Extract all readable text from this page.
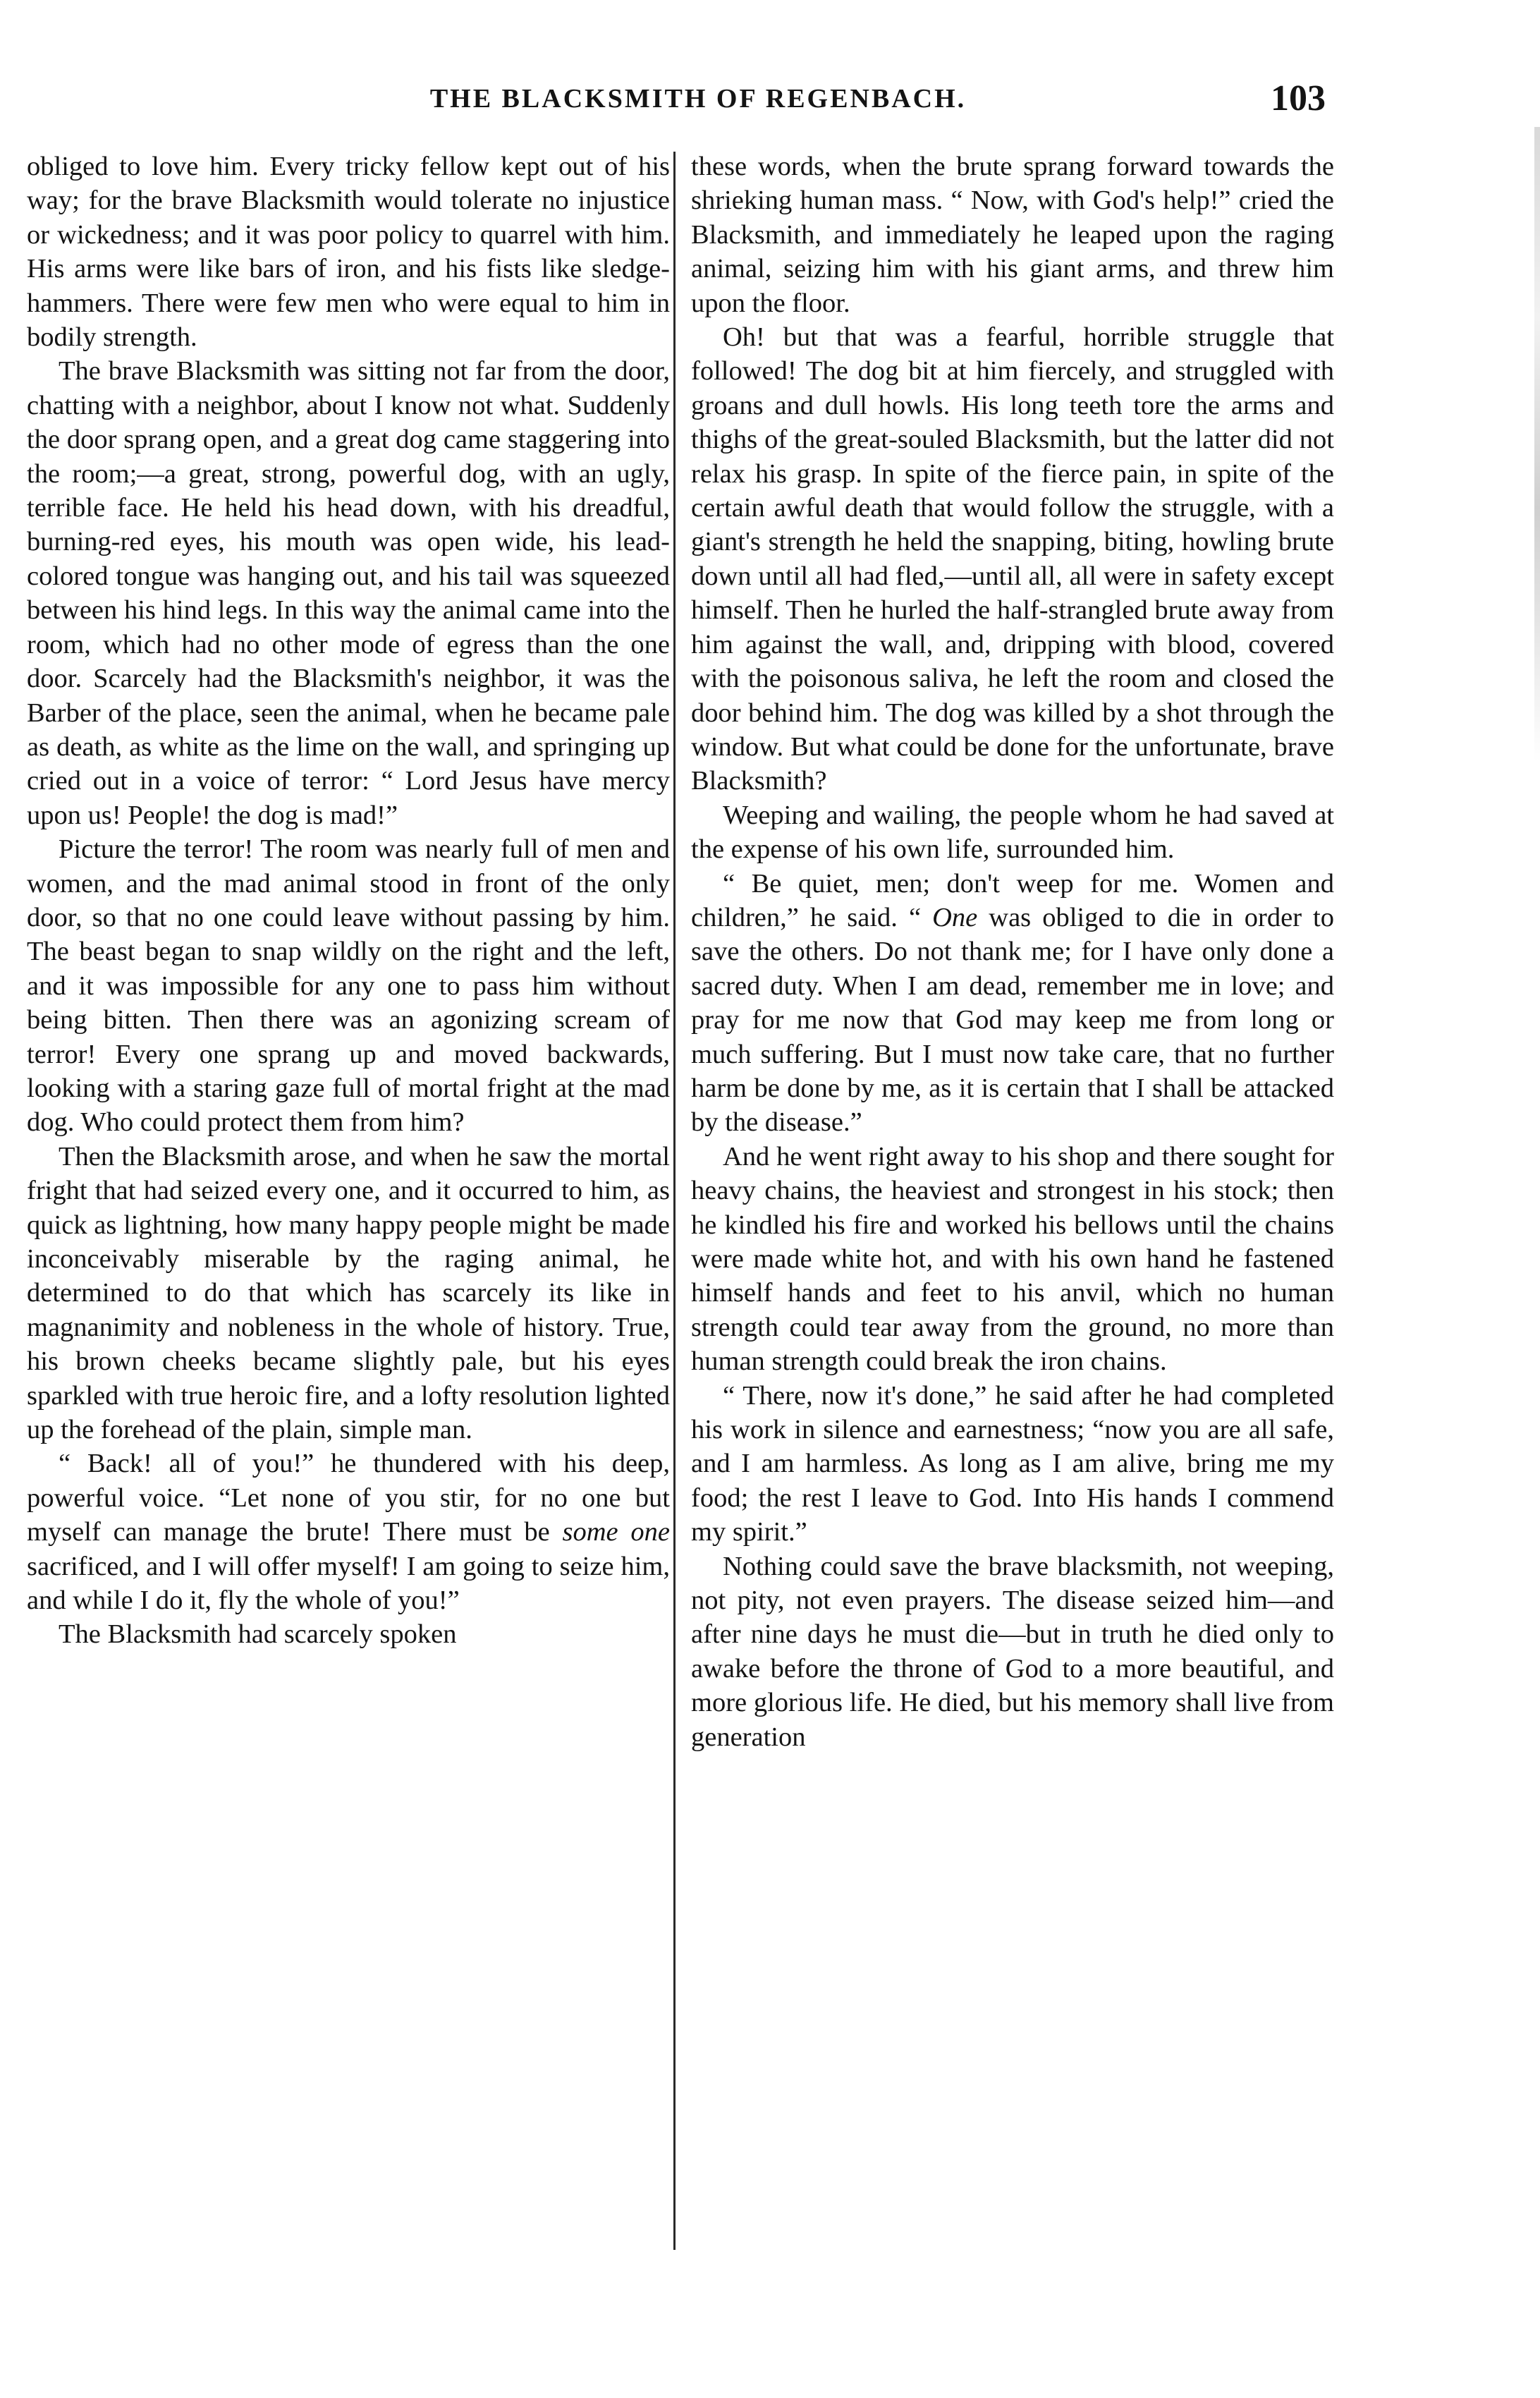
THE BLACKSMITH OF REGENBACH.	103

obliged to love him. Every tricky fellow kept out of his way; for the brave Blacksmith would tolerate no injustice or wickedness; and it was poor policy to quarrel with him. His arms were like bars of iron, and his fists like sledge-hammers. There were few men who were equal to him in bodily strength.

The brave Blacksmith was sitting not far from the door, chatting with a neighbor, about I know not what. Suddenly the door sprang open, and a great dog came staggering into the room;—a great, strong, powerful dog, with an ugly, terrible face. He held his head down, with his dreadful, burning-red eyes, his mouth was open wide, his lead-colored tongue was hanging out, and his tail was squeezed between his hind legs. In this way the animal came into the room, which had no other mode of egress than the one door. Scarcely had the Blacksmith's neighbor, it was the Barber of the place, seen the animal, when he became pale as death, as white as the lime on the wall, and springing up cried out in a voice of terror: “ Lord Jesus have mercy upon us! People! the dog is mad!”

Picture the terror! The room was nearly full of men and women, and the mad animal stood in front of the only door, so that no one could leave without passing by him. The beast began to snap wildly on the right and the left, and it was impossible for any one to pass him without being bitten. Then there was an agonizing scream of terror! Every one sprang up and moved backwards, looking with a staring gaze full of mortal fright at the mad dog. Who could protect them from him?

Then the Blacksmith arose, and when he saw the mortal fright that had seized every one, and it occurred to him, as quick as lightning, how many happy people might be made inconceivably miserable by the raging animal, he determined to do that which has scarcely its like in magnanimity and nobleness in the whole of history. True, his brown cheeks became slightly pale, but his eyes sparkled with true heroic fire, and a lofty resolution lighted up the forehead of the plain, simple man.

“ Back! all of you!” he thundered with his deep, powerful voice. “Let none of you stir, for no one but myself can manage the brute! There must be some one sacrificed, and I will offer myself! I am going to seize him, and while I do it, fly the whole of you!”

The Blacksmith had scarcely spoken

these words, when the brute sprang forward towards the shrieking human mass. “ Now, with God's help!” cried the Blacksmith, and immediately he leaped upon the raging animal, seizing him with his giant arms, and threw him upon the floor.

Oh! but that was a fearful, horrible struggle that followed! The dog bit at him fiercely, and struggled with groans and dull howls. His long teeth tore the arms and thighs of the great-souled Blacksmith, but the latter did not relax his grasp. In spite of the fierce pain, in spite of the certain awful death that would follow the struggle, with a giant's strength he held the snapping, biting, howling brute down until all had fled,—until all, all were in safety except himself. Then he hurled the half-strangled brute away from him against the wall, and, dripping with blood, covered with the poisonous saliva, he left the room and closed the door behind him. The dog was killed by a shot through the window. But what could be done for the unfortunate, brave Blacksmith?

Weeping and wailing, the people whom he had saved at the expense of his own life, surrounded him.

“ Be quiet, men; don't weep for me. Women and children,” he said. “ One was obliged to die in order to save the others. Do not thank me; for I have only done a sacred duty. When I am dead, remember me in love; and pray for me now that God may keep me from long or much suffering. But I must now take care, that no further harm be done by me, as it is certain that I shall be attacked by the disease.”

And he went right away to his shop and there sought for heavy chains, the heaviest and strongest in his stock; then he kindled his fire and worked his bellows until the chains were made white hot, and with his own hand he fastened himself hands and feet to his anvil, which no human strength could tear away from the ground, no more than human strength could break the iron chains.

“ There, now it's done,” he said after he had completed his work in silence and earnestness; “now you are all safe, and I am harmless. As long as I am alive, bring me my food; the rest I leave to God. Into His hands I commend my spirit.”

Nothing could save the brave blacksmith, not weeping, not pity, not even prayers. The disease seized him—and after nine days he must die—but in truth he died only to awake before the throne of God to a more beautiful, and more glorious life. He died, but his memory shall live from generation
